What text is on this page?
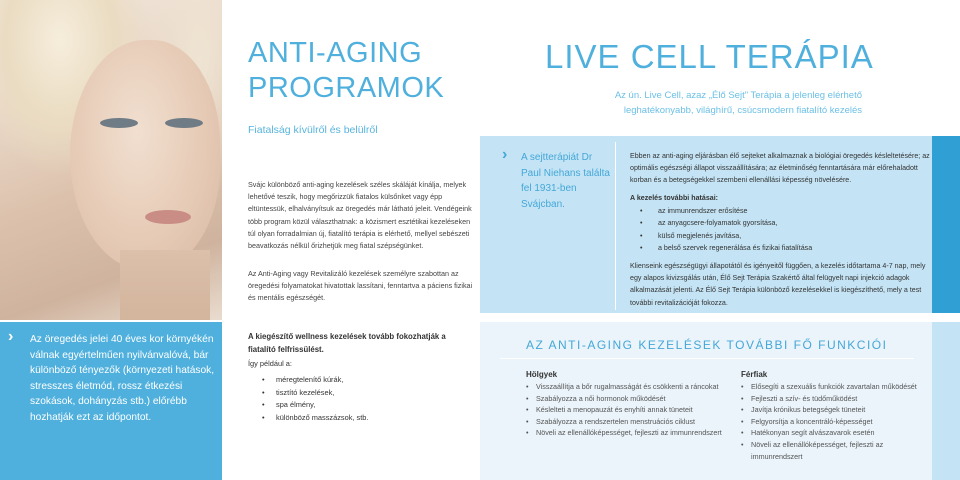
ANTI-AGING PROGRAMOK
Fiatalság kívülről és belülről
Svájc különböző anti-aging kezelések széles skáláját kínálja, melyek lehetővé teszik, hogy megőrizzük fiatalos külsőnket vagy épp eltüntessük, elhalványítsuk az öregedés már látható jeleit. Vendégeink több program közül választhatnak: a közismert esztétikai kezeléseken túl olyan forradalmian új, fiatalító terápia is elérhető, mellyel sebészeti beavatkozás nélkül őrizhetjük meg fiatal szépségünket.
Az Anti-Aging vagy Revitalizáló kezelések személyre szabottan az öregedési folyamatokat hivatottak lassítani, fenntartva a páciens fizikai és mentális egészségét.
LIVE CELL TERÁPIA
Az ún. Live Cell, azaz „Élő Sejt" Terápia a jelenleg elérhető leghatékonyabb, világhírű, csúcsmodern fiatalító kezelés
› A sejtterápiát Dr Paul Niehans találta fel 1931-ben Svájcban.
Ebben az anti-aging eljárásban élő sejteket alkalmaznak a biológiai öregedés késleltetésére; az optimális egészségi állapot visszaállítására; az életminőség fenntartására már előrehaladott korban és a betegségekkel szembeni ellenállási képesség növelésére.
A kezelés további hatásai:
• az immunrendszer erősítése
• az anyagcsere-folyamatok gyorsítása,
• külső megjelenés javítása,
• a belső szervek regenerálása és fizikai fiatalítása
Klienseink egészségügyi állapotától és igényeitől függően, a kezelés időtartama 4-7 nap, mely egy alapos kivizsgálás után, Élő Sejt Terápia Szakértő által felügyelt napi injekció adagok alkalmazását jelenti. Az Élő Sejt Terápia különböző kezelésekkel is kiegészíthető, mely a test további revitalizációját fokozza.
› Az öregedés jelei 40 éves kor környékén válnak egyértelműen nyilvánvalóvá, bár különböző tényezők (környezeti hatások, stresszes életmód, rossz étkezési szokások, dohányzás stb.) előrébb hozhatják ezt az időpontot.
A kiegészítő wellness kezelések tovább fokozhatják a fiatalító felfrissülést.
Így például a:
• méregtelenítő kúrák,
• tisztító kezelések,
• spa élmény,
• különböző masszázsok, stb.
AZ ANTI-AGING KEZELÉSEK TOVÁBBI FŐ FUNKCIÓI
Hölgyek	Férfiak
• Visszaállítja a bőr rugalmasságát és csökkenti a ráncokat
• Szabályozza a női hormonok működését
• Késlelteti a menopauzát és enyhíti annak tüneteit
• Szabályozza a rendszertelen menstruációs ciklust
• Növeli az ellenállóképességet, fejleszti az immunrendszert
• Elősegíti a szexuális funkciók zavartalan működését
• Fejleszti a szív- és tüdőműködést
• Javítja krónikus betegségek tüneteit
• Felgyorsítja a koncentráló-képességet
• Hatékonyan segít alvászavarok esetén
• Növeli az ellenállóképességet, fejleszti az immunrendszert
